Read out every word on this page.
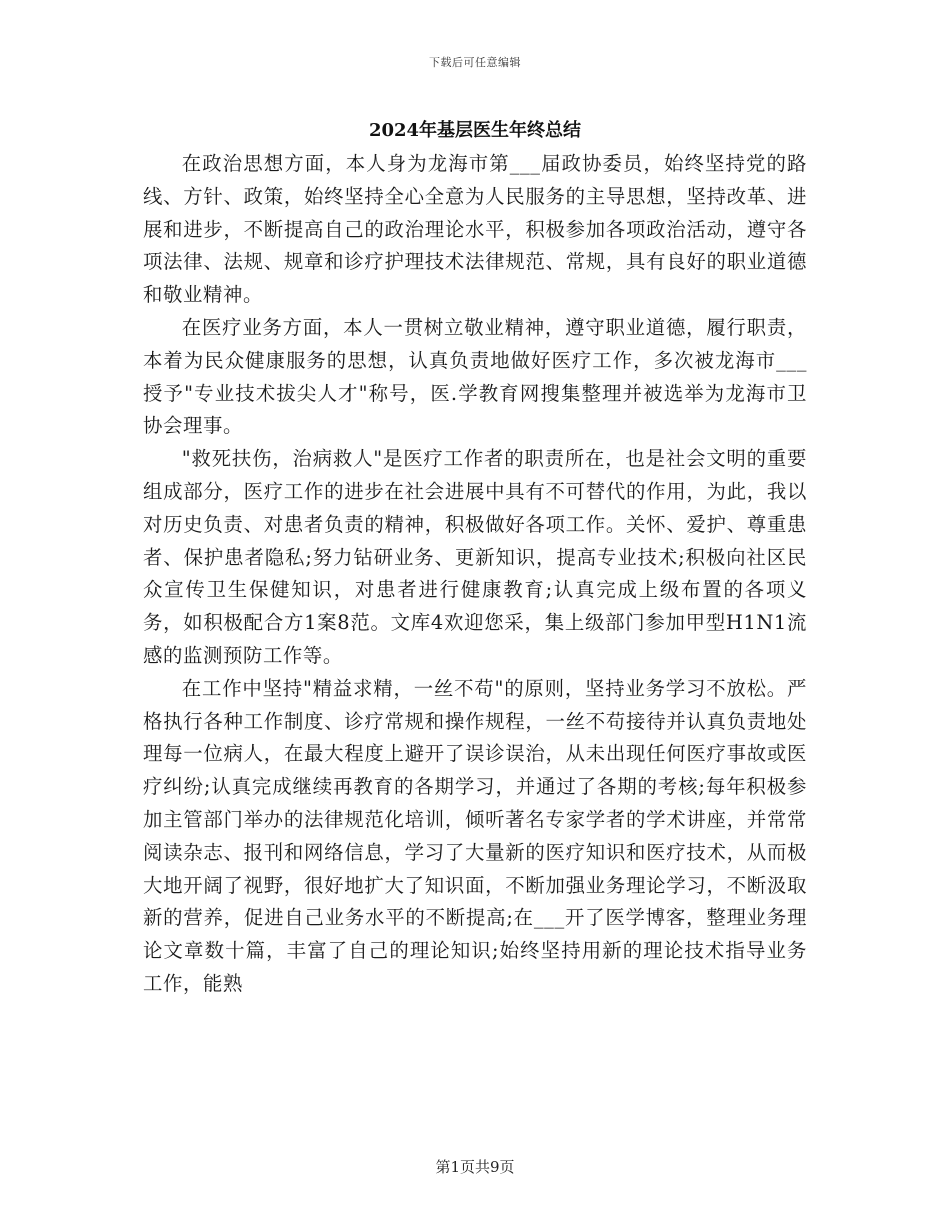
下载后可任意编辑
2024年基层医生年终总结

在政治思想方面，本人身为龙海市第___届政协委员，始终坚持党的路线、方针、政策，始终坚持全心全意为人民服务的主导思想，坚持改革、进展和进步，不断提高自己的政治理论水平，积极参加各项政治活动，遵守各项法律、法规、规章和诊疗护理技术法律规范、常规，具有良好的职业道德和敬业精神。

在医疗业务方面，本人一贯树立敬业精神，遵守职业道德，履行职责，本着为民众健康服务的思想，认真负责地做好医疗工作，多次被龙海市___授予"专业技术拔尖人才"称号，医.学教育网搜集整理并被选举为龙海市卫协会理事。

"救死扶伤，治病救人"是医疗工作者的职责所在，也是社会文明的重要组成部分，医疗工作的进步在社会进展中具有不可替代的作用，为此，我以对历史负责、对患者负责的精神，积极做好各项工作。关怀、爱护、尊重患者、保护患者隐私;努力钻研业务、更新知识，提高专业技术;积极向社区民众宣传卫生保健知识，对患者进行健康教育;认真完成上级布置的各项义务，如积极配合方1案8范。文库4欢迎您采，集上级部门参加甲型H1N1流感的监测预防工作等。

在工作中坚持"精益求精，一丝不苟"的原则，坚持业务学习不放松。严格执行各种工作制度、诊疗常规和操作规程，一丝不苟接待并认真负责地处理每一位病人，在最大程度上避开了误诊误治，从未出现任何医疗事故或医疗纠纷;认真完成继续再教育的各期学习，并通过了各期的考核;每年积极参加主管部门举办的法律规范化培训，倾听著名专家学者的学术讲座，并常常阅读杂志、报刊和网络信息，学习了大量新的医疗知识和医疗技术，从而极大地开阔了视野，很好地扩大了知识面，不断加强业务理论学习，不断汲取新的营养，促进自己业务水平的不断提高;在___开了医学博客，整理业务理论文章数十篇，丰富了自己的理论知识;始终坚持用新的理论技术指导业务工作，能熟

第1页共9页
